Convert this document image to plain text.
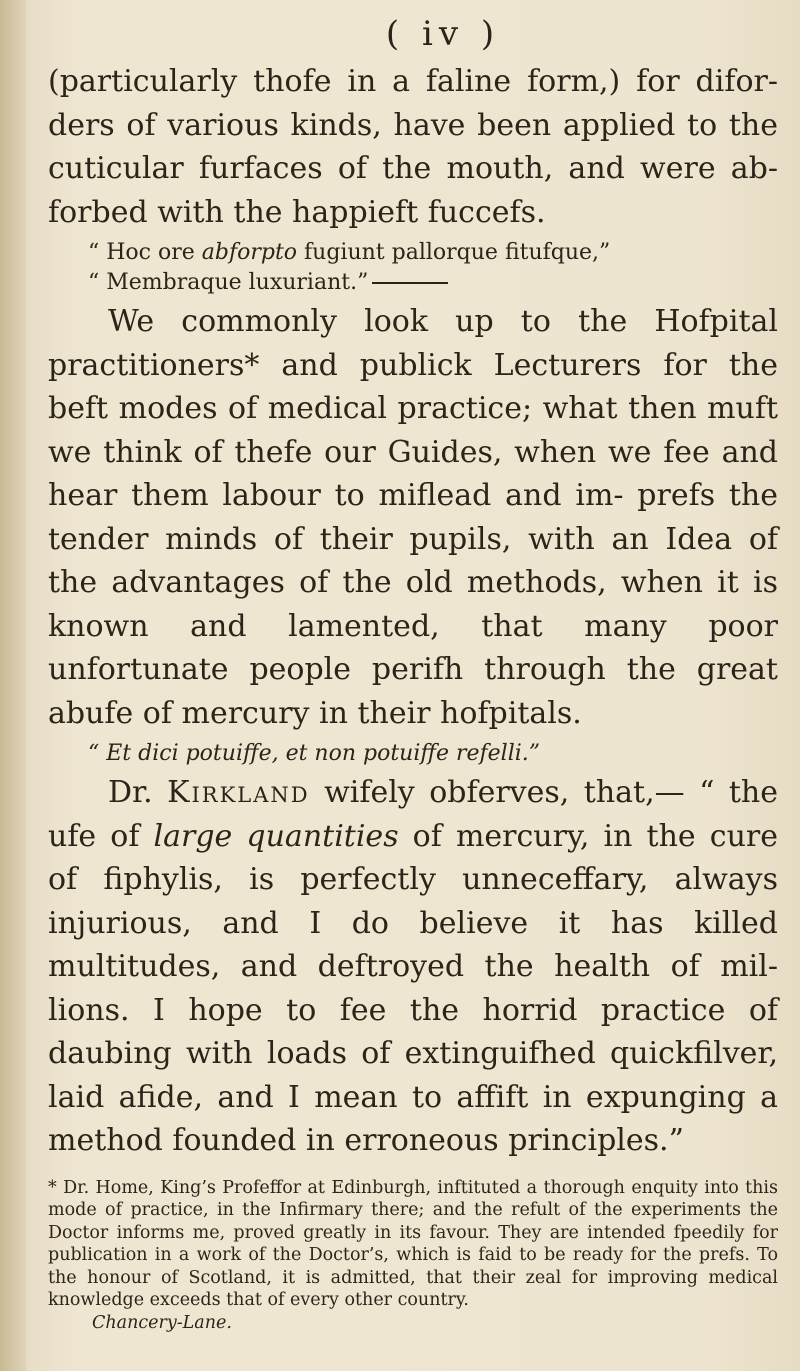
( iv )

(particularly thofe in a faline form,) for difor- ders of various kinds, have been applied to the cuticular furfaces of the mouth, and were ab- forbed with the happieft fuccefs.

“ Hoc ore abforpto fugiunt pallorque fitufque,”
“ Membraque luxuriant.”

We commonly look up to the Hofpital practitioners* and publick Lecturers for the beft modes of medical practice; what then muft we think of thefe our Guides, when we fee and hear them labour to miflead and im- prefs the tender minds of their pupils, with an Idea of the advantages of the old methods, when it is known and lamented, that many poor unfortunate people perifh through the great abufe of mercury in their hofpitals.

“ Et dici potuiffe, et non potuiffe refelli.”

Dr. Kirkland wifely obferves, that,— “ the ufe of large quantities of mercury, in the cure of fiphylis, is perfectly unneceffary, always injurious, and I do believe it has killed multitudes, and deftroyed the health of mil- lions. I hope to fee the horrid practice of daubing with loads of extinguifhed quickfilver, laid afide, and I mean to affift in expunging a method founded in erroneous principles.”

* Dr. Home, King’s Profeffor at Edinburgh, inftituted a thorough enquity into this mode of practice, in the Infirmary there; and the refult of the experiments the Doctor informs me, proved greatly in its favour. They are intended fpeedily for publication in a work of the Doctor’s, which is faid to be ready for the prefs. To the honour of Scotland, it is admitted, that their zeal for improving medical knowledge exceeds that of every other country.
Chancery-Lane.
